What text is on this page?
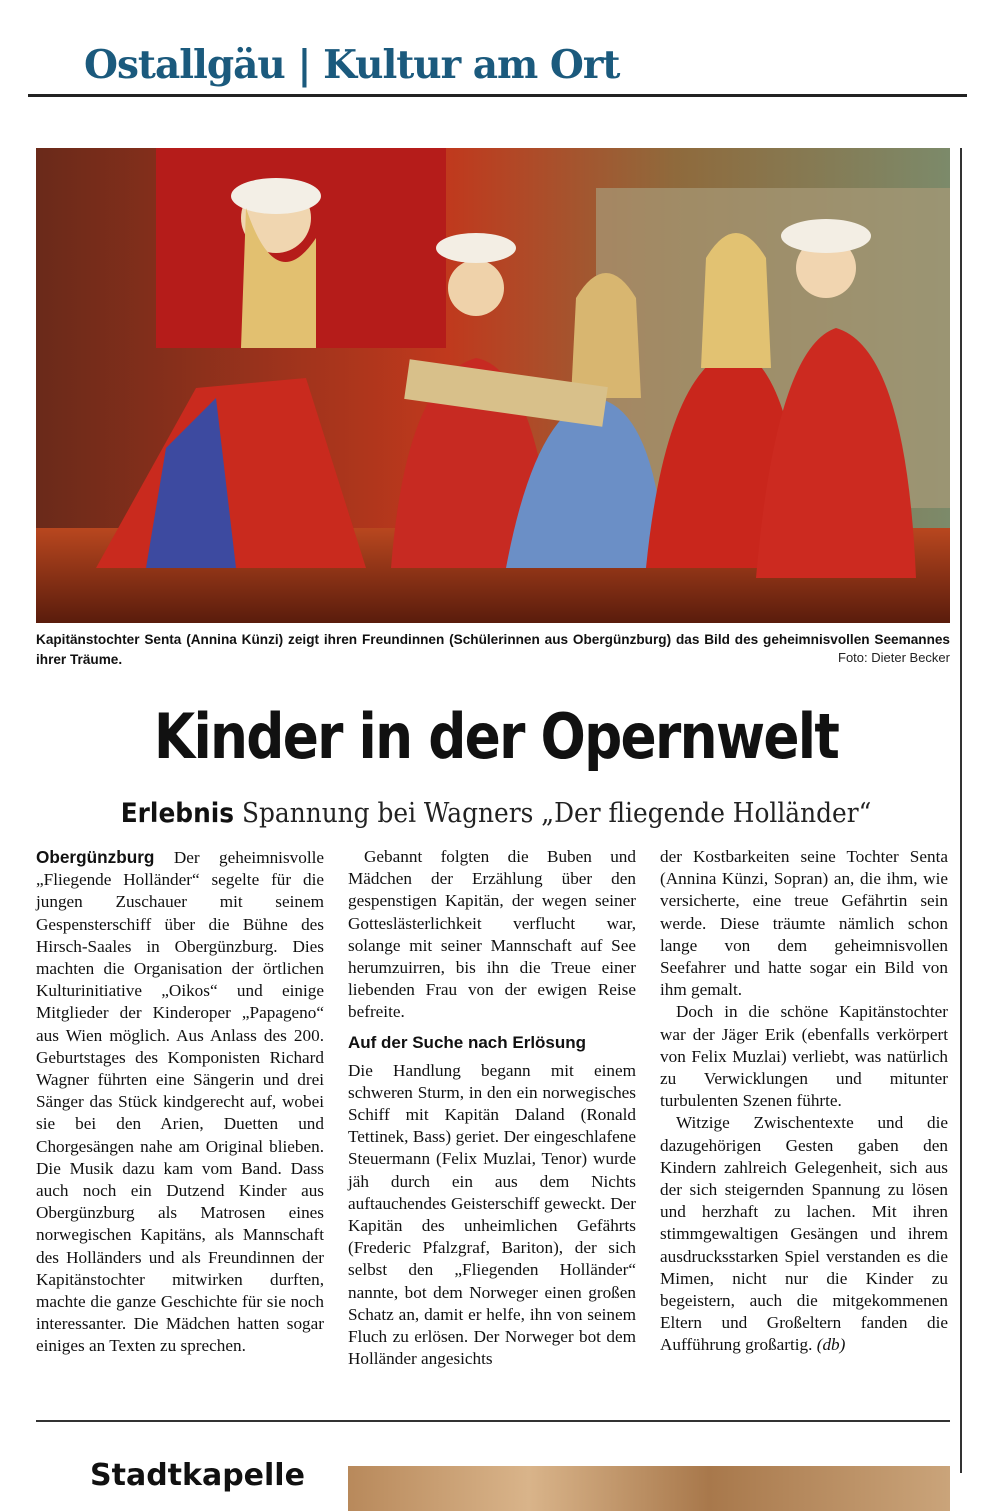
Ostallgäu | Kultur am Ort
Kapitänstochter Senta (Annina Künzi) zeigt ihren Freundinnen (Schülerinnen aus Obergünzburg) das Bild des geheimnisvollen Seemannes ihrer Träume.	Foto: Dieter Becker
Kinder in der Opernwelt
Erlebnis Spannung bei Wagners „Der fliegende Holländer“

Obergünzburg Der geheimnisvolle „Fliegende Holländer“ segelte für die jungen Zuschauer mit seinem Gespensterschiff über die Bühne des Hirsch-Saales in Obergünzburg. Dies machten die Organisation der örtlichen Kulturinitiative „Oikos“ und einige Mitglieder der Kinderoper „Papageno“ aus Wien möglich. Aus Anlass des 200. Geburtstages des Komponisten Richard Wagner führten eine Sängerin und drei Sänger das Stück kindgerecht auf, wobei sie bei den Arien, Duetten und Chorgesängen nahe am Original blieben. Die Musik dazu kam vom Band. Dass auch noch ein Dutzend Kinder aus Obergünzburg als Matrosen eines norwegischen Kapitäns, als Mannschaft des Holländers und als Freundinnen der Kapitänstochter mitwirken durften, machte die ganze Geschichte für sie noch interessanter. Die Mädchen hatten sogar einiges an Texten zu sprechen.

Gebannt folgten die Buben und Mädchen der Erzählung über den gespenstigen Kapitän, der wegen seiner Gotteslästerlichkeit verflucht war, solange mit seiner Mannschaft auf See herumzuirren, bis ihn die Treue einer liebenden Frau von der ewigen Reise befreite.

Auf der Suche nach Erlösung

Die Handlung begann mit einem schweren Sturm, in den ein norwegisches Schiff mit Kapitän Daland (Ronald Tettinek, Bass) geriet. Der eingeschlafene Steuermann (Felix Muzlai, Tenor) wurde jäh durch ein aus dem Nichts auftauchendes Geisterschiff geweckt. Der Kapitän des unheimlichen Gefährts (Frederic Pfalzgraf, Bariton), der sich selbst den „Fliegenden Holländer“ nannte, bot dem Norweger einen großen Schatz an, damit er helfe, ihn von seinem Fluch zu erlösen. Der Norweger bot dem Holländer angesichts

der Kostbarkeiten seine Tochter Senta (Annina Künzi, Sopran) an, die ihm, wie versicherte, eine treue Gefährtin sein werde. Diese träumte nämlich schon lange von dem geheimnisvollen Seefahrer und hatte sogar ein Bild von ihm gemalt.

Doch in die schöne Kapitänstochter war der Jäger Erik (ebenfalls verkörpert von Felix Muzlai) verliebt, was natürlich zu Verwicklungen und mitunter turbulenten Szenen führte.

Witzige Zwischentexte und die dazugehörigen Gesten gaben den Kindern zahlreich Gelegenheit, sich aus der sich steigernden Spannung zu lösen und herzhaft zu lachen. Mit ihren stimmgewaltigen Gesängen und ihrem ausdrucksstarken Spiel verstanden es die Mimen, nicht nur die Kinder zu begeistern, auch die mitgekommenen Eltern und Großeltern fanden die Aufführung großartig. (db)

Stadtkapelle
